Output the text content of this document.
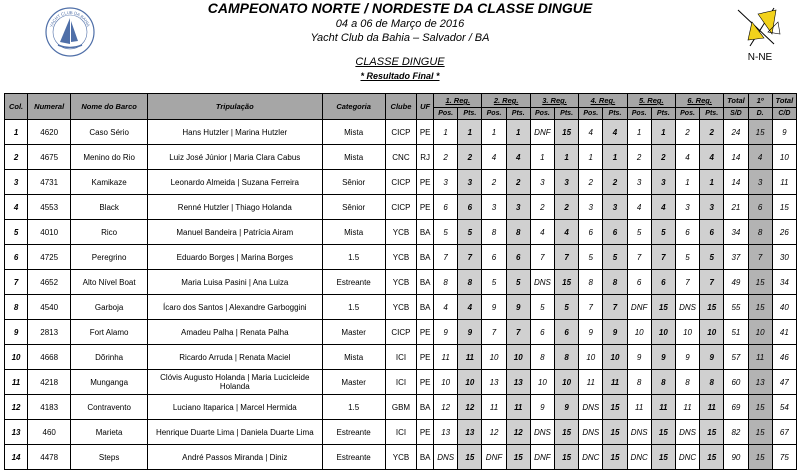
YACHT CLUB DA BAHIA
N-NE
CAMPEONATO NORTE / NORDESTE DA CLASSE DINGUE
04 a 06 de Março de 2016
Yacht Club da Bahia – Salvador / BA
CLASSE DINGUE
* Resultado Final *
Col.	Numeral	Nome do Barco	Tripulação	Categoria	Clube	UF	1. Reg.		2. Reg.		3. Reg.		4. Reg.		5. Reg.		6. Reg.		Total	1º	Total
							Pos.	Pts.	Pos.	Pts.	Pos.	Pts.	Pos.	Pts.	Pos.	Pts.	Pos.	Pts.	S/D	D.	C/D
1	4620	Caso Sério	Hans Hutzler | Marina Hutzler	Mista	CICP	PE	1	1	1	1	DNF	15	4	4	1	1	2	2	24	15	9
2	4675	Menino do Rio	Luiz José Júnior | Maria Clara Cabus	Mista	CNC	RJ	2	2	4	4	1	1	1	1	2	2	4	4	14	4	10
3	4731	Kamikaze	Leonardo Almeida | Suzana Ferreira	Sênior	CICP	PE	3	3	2	2	3	3	2	2	3	3	1	1	14	3	11
4	4553	Black	Renné Hutzler | Thiago Holanda	Sênior	CICP	PE	6	6	3	3	2	2	3	3	4	4	3	3	21	6	15
5	4010	Rico	Manuel Bandeira | Patrícia Airam	Mista	YCB	BA	5	5	8	8	4	4	6	6	5	5	6	6	34	8	26
6	4725	Peregrino	Eduardo Borges | Marina Borges	1.5	YCB	BA	7	7	6	6	7	7	5	5	7	7	5	5	37	7	30
7	4652	Alto Nível Boat	Maria Luisa Pasini | Ana Luiza	Estreante	YCB	BA	8	8	5	5	DNS	15	8	8	6	6	7	7	49	15	34
8	4540	Garboja	Ícaro dos Santos | Alexandre Garboggini	1.5	YCB	BA	4	4	9	9	5	5	7	7	DNF	15	DNS	15	55	15	40
9	2813	Fort Alamo	Amadeu Palha | Renata Palha	Master	CICP	PE	9	9	7	7	6	6	9	9	10	10	10	10	51	10	41
10	4668	Dõrinha	Ricardo Arruda | Renata Maciel	Mista	ICI	PE	11	11	10	10	8	8	10	10	9	9	9	9	57	11	46
11	4218	Munganga	Clóvis Augusto Holanda | Maria Lucicleide Holanda	Master	ICI	PE	10	10	13	13	10	10	11	11	8	8	8	8	60	13	47
12	4183	Contravento	Luciano Itaparica | Marcel Hermida	1.5	GBM	BA	12	12	11	11	9	9	DNS	15	11	11	11	11	69	15	54
13	460	Marieta	Henrique Duarte Lima | Daniela Duarte Lima	Estreante	ICI	PE	13	13	12	12	DNS	15	DNS	15	DNS	15	DNS	15	82	15	67
14	4478	Steps	André Passos Miranda | Diniz	Estreante	YCB	BA	DNS	15	DNF	15	DNF	15	DNC	15	DNC	15	DNC	15	90	15	75
